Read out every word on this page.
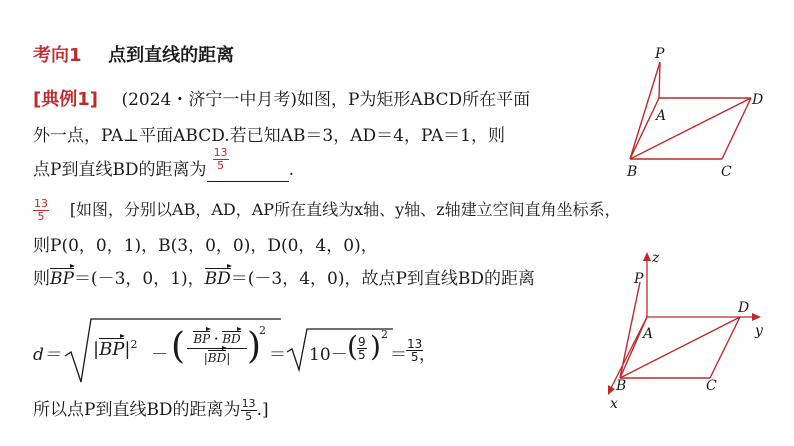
考向1 点到直线的距离
[典例1] (2024・济宁一中月考)如图，P为矩形ABCD所在平面
外一点，PA⊥平面ABCD.若已知AB＝3，AD＝4，PA＝1，则
点P到直线BD的距离为 $\frac{13}{5}$	.
$\frac{13}{5}$ [如图，分别以AB，AD，AP所在直线为x轴、y轴、z轴建立空间直角坐标系，
则P(0，0，1)，B(3，0，0)，D(0，4，0)，
则BP＝(－3，0，1)，BD＝(－3，4，0)，故点P到直线BD的距离
$d= |BP|^2$
－ ( BP・BD
|BD| )
2
＝ 10－ ( $\frac{9}{5}$ ) 2
＝ $\frac{13}{5}$
，
所以点P到直线BD的距离为 $\frac{13}{5}$ .]
P
A
D
B	C
z
P
A
D
y
B	C
x
